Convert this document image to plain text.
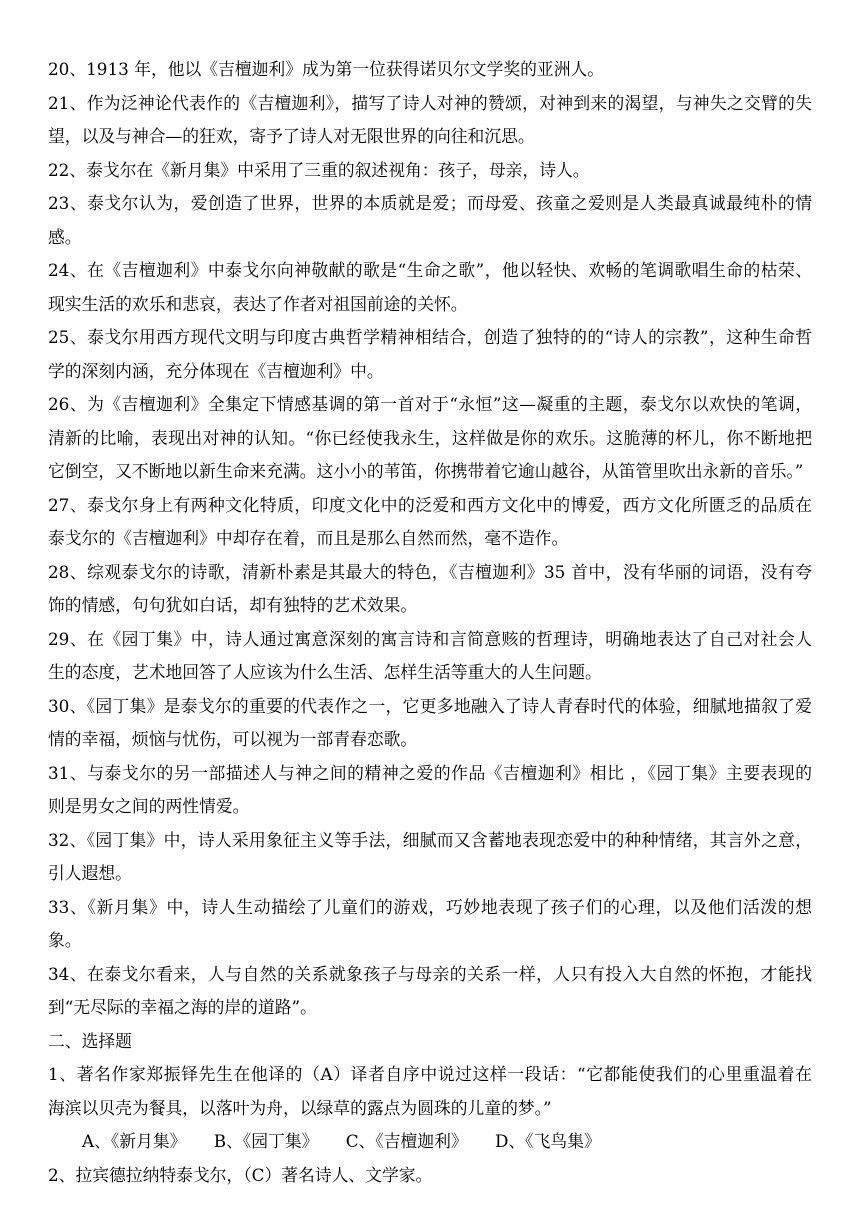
20、1913 年，他以《吉檀迦利》成为第一位获得诺贝尔文学奖的亚洲人。
21、作为泛神论代表作的《吉檀迦利》，描写了诗人对神的赞颂，对神到来的渴望，与神失之交臂的失
望，以及与神合—的狂欢，寄予了诗人对无限世界的向往和沉思。
22、泰戈尔在《新月集》中采用了三重的叙述视角：孩子，母亲，诗人。
23、泰戈尔认为，爱创造了世界，世界的本质就是爱；而母爱、孩童之爱则是人类最真诚最纯朴的情
感。
24、在《吉檀迦利》中泰戈尔向神敬献的歌是“生命之歌”，他以轻快、欢畅的笔调歌唱生命的枯荣、
现实生活的欢乐和悲哀，表达了作者对祖国前途的关怀。
25、泰戈尔用西方现代文明与印度古典哲学精神相结合，创造了独特的的“诗人的宗教”，这种生命哲
学的深刻内涵，充分体现在《吉檀迦利》中。
26、为《吉檀迦利》全集定下情感基调的第一首对于“永恒”这—凝重的主题，泰戈尔以欢快的笔调，
清新的比喻，表现出对神的认知。“你已经使我永生，这样做是你的欢乐。这脆薄的杯儿，你不断地把
它倒空，又不断地以新生命来充满。这小小的苇笛，你携带着它逾山越谷，从笛管里吹出永新的音乐。”
27、泰戈尔身上有两种文化特质，印度文化中的泛爱和西方文化中的博爱，西方文化所匮乏的品质在
泰戈尔的《吉檀迦利》中却存在着，而且是那么自然而然，毫不造作。
28、综观泰戈尔的诗歌，清新朴素是其最大的特色，《吉檀迦利》35 首中，没有华丽的词语，没有夸
饰的情感，句句犹如白话，却有独特的艺术效果。
29、在《园丁集》中，诗人通过寓意深刻的寓言诗和言简意赅的哲理诗，明确地表达了自己对社会人
生的态度，艺术地回答了人应该为什么生活、怎样生活等重大的人生问题。
30、《园丁集》是泰戈尔的重要的代表作之一，它更多地融入了诗人青春时代的体验，细腻地描叙了爱
情的幸福，烦恼与忧伤，可以视为一部青春恋歌。
31、与泰戈尔的另一部描述人与神之间的精神之爱的作品《吉檀迦利》相比 ，《园丁集》主要表现的
则是男女之间的两性情爱。
32、《园丁集》中，诗人采用象征主义等手法，细腻而又含蓄地表现恋爱中的种种情绪，其言外之意，
引人遐想。
33、《新月集》中，诗人生动描绘了儿童们的游戏，巧妙地表现了孩子们的心理，以及他们活泼的想象。
34、在泰戈尔看来，人与自然的关系就象孩子与母亲的关系一样，人只有投入大自然的怀抱，才能找
到“无尽际的幸福之海的岸的道路”。
二、选择题
1、著名作家郑振铎先生在他译的（A）译者自序中说过这样一段话：“它都能使我们的心里重温着在
海滨以贝壳为餐具，以落叶为舟，以绿草的露点为圆珠的儿童的梦。”
A、《新月集》 B、《园丁集》 C、《吉檀迦利》 D、《飞鸟集》
2、拉宾德拉纳特泰戈尔，（C）著名诗人、文学家。
